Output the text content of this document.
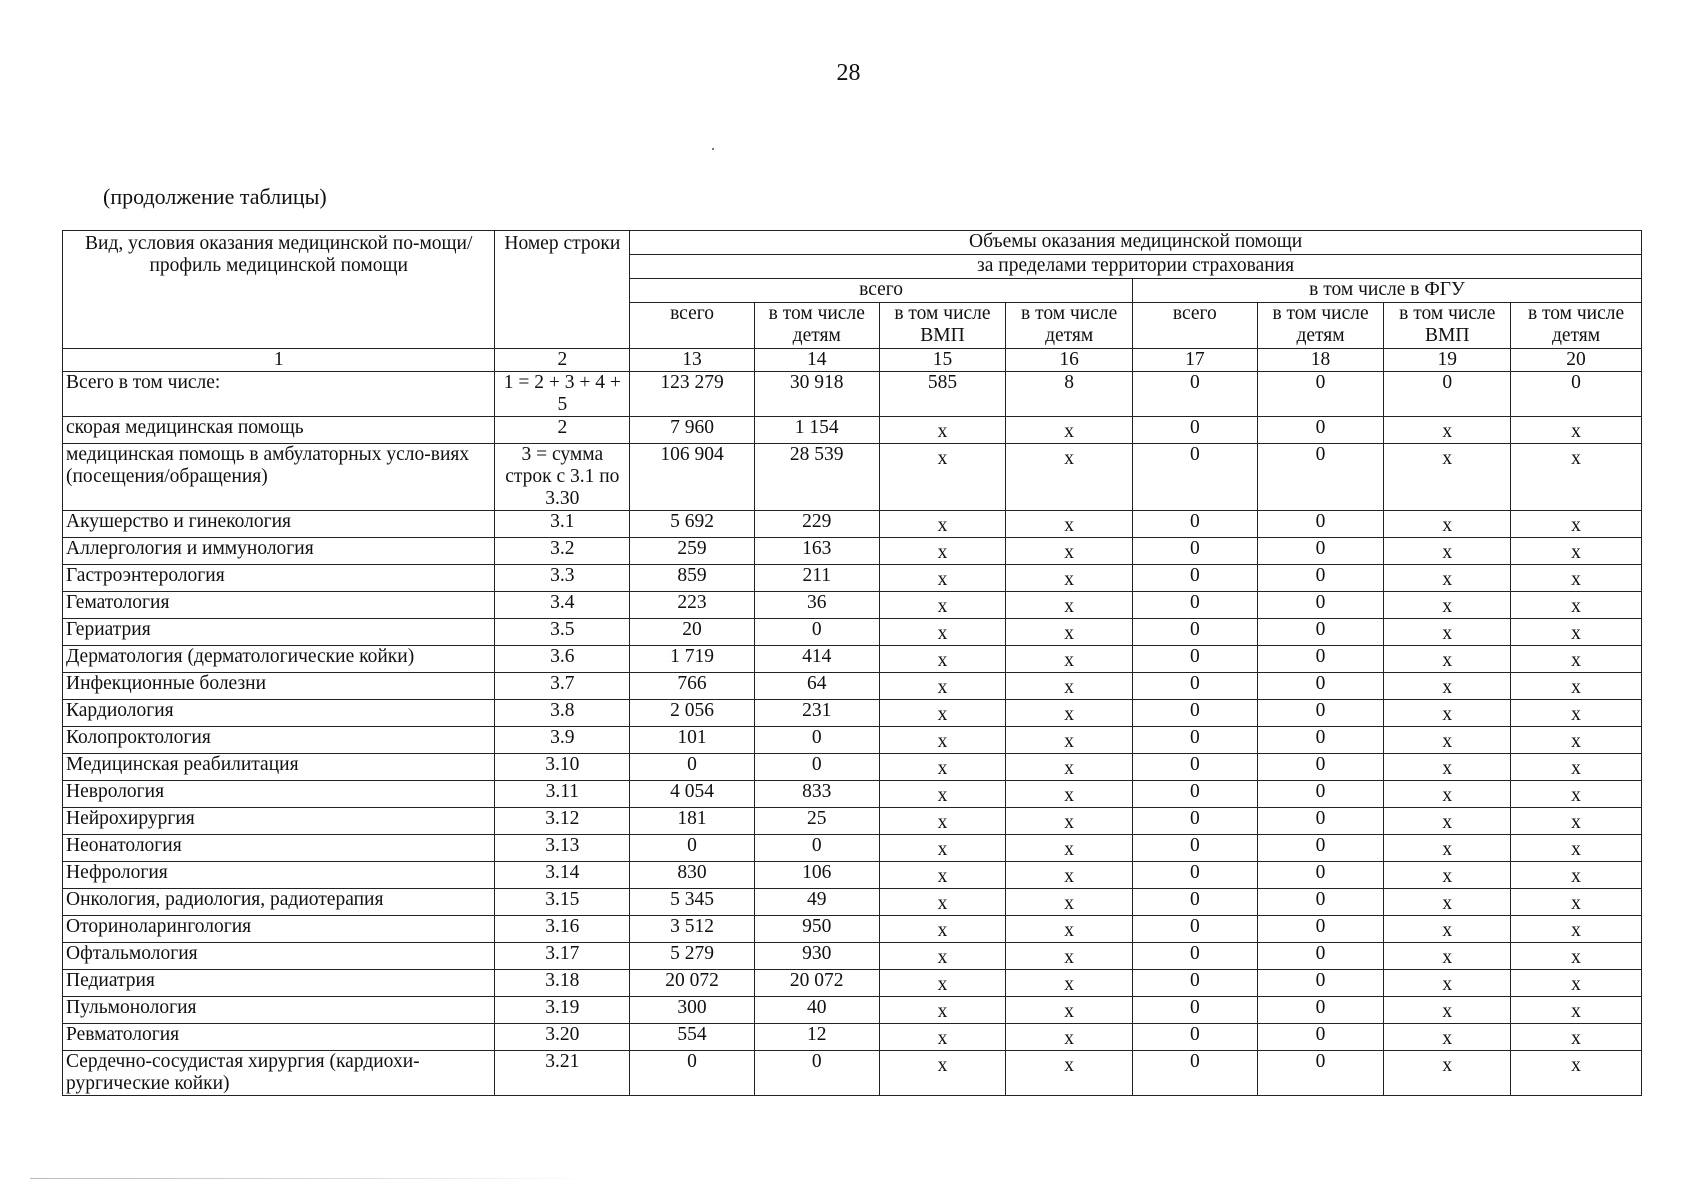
28
(продолжение таблицы)
Вид, условия оказания медицинской по-мощи/ профиль медицинской помощи	Номер строки	Объемы оказания медицинской помощи							
		за пределами территории страхования							
		всего				в том числе в ФГУ			
		всего	в том числе детям	в том числе ВМП	в том числе детям	всего	в том числе детям	в том числе ВМП	в том числе детям
1	2	13	14	15	16	17	18	19	20
Всего в том числе:	1 = 2 + 3 + 4 + 5	123 279	30 918	585	8	0	0	0	0
скорая медицинская помощь	2	7 960	1 154	x	x	0	0	x	x
медицинская помощь в амбулаторных усло-виях (посещения/обращения)	3 = сумма строк с 3.1 по 3.30	106 904	28 539	x	x	0	0	x	x
Акушерство и гинекология	3.1	5 692	229	x	x	0	0	x	x
Аллергология и иммунология	3.2	259	163	x	x	0	0	x	x
Гастроэнтерология	3.3	859	211	x	x	0	0	x	x
Гематология	3.4	223	36	x	x	0	0	x	x
Гериатрия	3.5	20	0	x	x	0	0	x	x
Дерматология (дерматологические койки)	3.6	1 719	414	x	x	0	0	x	x
Инфекционные болезни	3.7	766	64	x	x	0	0	x	x
Кардиология	3.8	2 056	231	x	x	0	0	x	x
Колопроктология	3.9	101	0	x	x	0	0	x	x
Медицинская реабилитация	3.10	0	0	x	x	0	0	x	x
Неврология	3.11	4 054	833	x	x	0	0	x	x
Нейрохирургия	3.12	181	25	x	x	0	0	x	x
Неонатология	3.13	0	0	x	x	0	0	x	x
Нефрология	3.14	830	106	x	x	0	0	x	x
Онкология, радиология, радиотерапия	3.15	5 345	49	x	x	0	0	x	x
Оториноларингология	3.16	3 512	950	x	x	0	0	x	x
Офтальмология	3.17	5 279	930	x	x	0	0	x	x
Педиатрия	3.18	20 072	20 072	x	x	0	0	x	x
Пульмонология	3.19	300	40	x	x	0	0	x	x
Ревматология	3.20	554	12	x	x	0	0	x	x
Сердечно-сосудистая хирургия (кардиохи-рургические койки)	3.21	0	0	x	x	0	0	x	x
